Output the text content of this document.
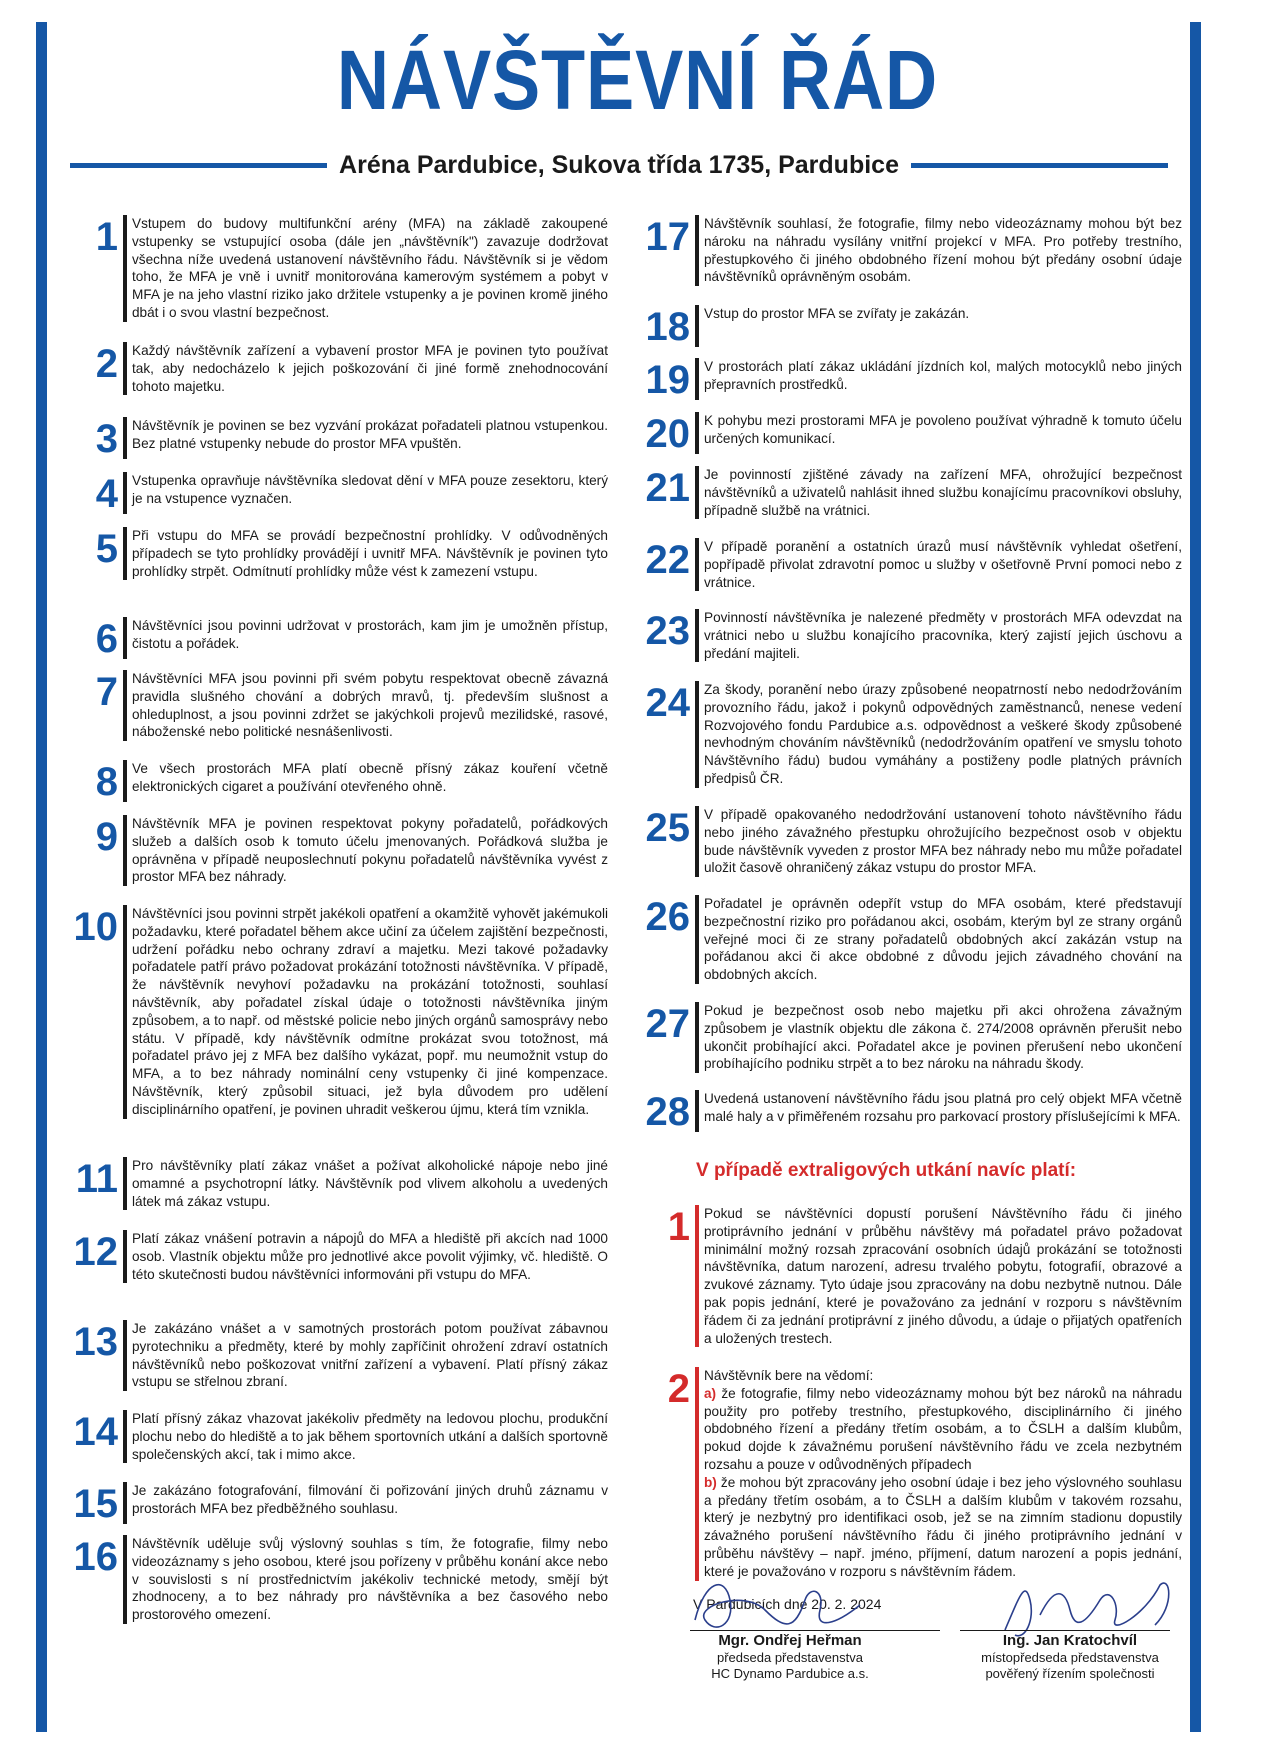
NÁVŠTĚVNÍ ŘÁD
Aréna Pardubice, Sukova třída 1735, Pardubice
1	Vstupem do budovy multifunkční arény (MFA) na základě zakoupené vstupenky se vstupující osoba (dále jen „návštěvník") zavazuje dodržovat všechna níže uvedená ustanovení návštěvního řádu. Návštěvník si je vědom toho, že MFA je vně i uvnitř monitorována kamerovým systémem a pobyt v MFA je na jeho vlastní riziko jako držitele vstupenky a je povinen kromě jiného dbát i o svou vlastní bezpečnost.
2	Každý návštěvník zařízení a vybavení prostor MFA je povinen tyto používat tak, aby nedocházelo k jejich poškozování či jiné formě znehodnocování tohoto majetku.
3	Návštěvník je povinen se bez vyzvání prokázat pořadateli platnou vstupenkou. Bez platné vstupenky nebude do prostor MFA vpuštěn.
4	Vstupenka opravňuje návštěvníka sledovat dění v MFA pouze zesektoru, který je na vstupence vyznačen.
5	Při vstupu do MFA se provádí bezpečnostní prohlídky. V odůvodněných případech se tyto prohlídky provádějí i uvnitř MFA. Návštěvník je povinen tyto prohlídky strpět. Odmítnutí prohlídky může vést k zamezení vstupu.
6	Návštěvníci jsou povinni udržovat v prostorách, kam jim je umožněn přístup, čistotu a pořádek.
7	Návštěvníci MFA jsou povinni při svém pobytu respektovat obecně závazná pravidla slušného chování a dobrých mravů, tj. především slušnost a ohleduplnost, a jsou povinni zdržet se jakýchkoli projevů mezilidské, rasové, náboženské nebo politické nesnášenlivosti.
8	Ve všech prostorách MFA platí obecně přísný zákaz kouření včetně elektronických cigaret a používání otevřeného ohně.
9	Návštěvník MFA je povinen respektovat pokyny pořadatelů, pořádkových služeb a dalších osob k tomuto účelu jmenovaných. Pořádková služba je oprávněna v případě neuposlechnutí pokynu pořadatelů návštěvníka vyvést z prostor MFA bez náhrady.
10	Návštěvníci jsou povinni strpět jakékoli opatření a okamžitě vyhovět jakémukoli požadavku, které pořadatel během akce učiní za účelem zajištění bezpečnosti, udržení pořádku nebo ochrany zdraví a majetku. Mezi takové požadavky pořadatele patří právo požadovat prokázání totožnosti návštěvníka. V případě, že návštěvník nevyhoví požadavku na prokázání totožnosti, souhlasí návštěvník, aby pořadatel získal údaje o totožnosti návštěvníka jiným způsobem, a to např. od městské policie nebo jiných orgánů samosprávy nebo státu. V případě, kdy návštěvník odmítne prokázat svou totožnost, má pořadatel právo jej z MFA bez dalšího vykázat, popř. mu neumožnit vstup do MFA, a to bez náhrady nominální ceny vstupenky či jiné kompenzace. Návštěvník, který způsobil situaci, jež byla důvodem pro udělení disciplinárního opatření, je povinen uhradit veškerou újmu, která tím vznikla.
11	Pro návštěvníky platí zákaz vnášet a požívat alkoholické nápoje nebo jiné omamné a psychotropní látky. Návštěvník pod vlivem alkoholu a uvedených látek má zákaz vstupu.
12	Platí zákaz vnášení potravin a nápojů do MFA a hlediště při akcích nad 1000 osob. Vlastník objektu může pro jednotlivé akce povolit výjimky, vč. hlediště. O této skutečnosti budou návštěvníci informováni při vstupu do MFA.
13	Je zakázáno vnášet a v samotných prostorách potom používat zábavnou pyrotechniku a předměty, které by mohly zapříčinit ohrožení zdraví ostatních návštěvníků nebo poškozovat vnitřní zařízení a vybavení. Platí přísný zákaz vstupu se střelnou zbraní.
14	Platí přísný zákaz vhazovat jakékoliv předměty na ledovou plochu, produkční plochu nebo do hlediště a to jak během sportovních utkání a dalších sportovně společenských akcí, tak i mimo akce.
15	Je zakázáno fotografování, filmování či pořizování jiných druhů záznamu v prostorách MFA bez předběžného souhlasu.
16	Návštěvník uděluje svůj výslovný souhlas s tím, že fotografie, filmy nebo videozáznamy s jeho osobou, které jsou pořízeny v průběhu konání akce nebo v souvislosti s ní prostřednictvím jakékoliv technické metody, smějí být zhodnoceny, a to bez náhrady pro návštěvníka a bez časového nebo prostorového omezení.
17	Návštěvník souhlasí, že fotografie, filmy nebo videozáznamy mohou být bez nároku na náhradu vysílány vnitřní projekcí v MFA. Pro potřeby trestního, přestupkového či jiného obdobného řízení mohou být předány osobní údaje návštěvníků oprávněným osobám.
18	Vstup do prostor MFA se zvířaty je zakázán.
19	V prostorách platí zákaz ukládání jízdních kol, malých motocyklů nebo jiných přepravních prostředků.
20	K pohybu mezi prostorami MFA je povoleno používat výhradně k tomuto účelu určených komunikací.
21	Je povinností zjištěné závady na zařízení MFA, ohrožující bezpečnost návštěvníků a uživatelů nahlásit ihned službu konajícímu pracovníkovi obsluhy, případně službě na vrátnici.
22	V případě poranění a ostatních úrazů musí návštěvník vyhledat ošetření, popřípadě přivolat zdravotní pomoc u služby v ošetřovně První pomoci nebo z vrátnice.
23	Povinností návštěvníka je nalezené předměty v prostorách MFA odevzdat na vrátnici nebo u službu konajícího pracovníka, který zajistí jejich úschovu a předání majiteli.
24	Za škody, poranění nebo úrazy způsobené neopatrností nebo nedodržováním provozního řádu, jakož i pokynů odpovědných zaměstnanců, nenese vedení Rozvojového fondu Pardubice a.s. odpovědnost a veškeré škody způsobené nevhodným chováním návštěvníků (nedodržováním opatření ve smyslu tohoto Návštěvního řádu) budou vymáhány a postiženy podle platných právních předpisů ČR.
25	V případě opakovaného nedodržování ustanovení tohoto návštěvního řádu nebo jiného závažného přestupku ohrožujícího bezpečnost osob v objektu bude návštěvník vyveden z prostor MFA bez náhrady nebo mu může pořadatel uložit časově ohraničený zákaz vstupu do prostor MFA.
26	Pořadatel je oprávněn odepřít vstup do MFA osobám, které představují bezpečnostní riziko pro pořádanou akci, osobám, kterým byl ze strany orgánů veřejné moci či ze strany pořadatelů obdobných akcí zakázán vstup na pořádanou akci či akce obdobné z důvodu jejich závadného chování na obdobných akcích.
27	Pokud je bezpečnost osob nebo majetku při akci ohrožena závažným způsobem je vlastník objektu dle zákona č. 274/2008 oprávněn přerušit nebo ukončit probíhající akci. Pořadatel akce je povinen přerušení nebo ukončení probíhajícího podniku strpět a to bez nároku na náhradu škody.
28	Uvedená ustanovení návštěvního řádu jsou platná pro celý objekt MFA včetně malé haly a v přiměřeném rozsahu pro parkovací prostory příslušejícími k MFA.
V případě extraligových utkání navíc platí:
1	Pokud se návštěvníci dopustí porušení Návštěvního řádu či jiného protiprávního jednání v průběhu návštěvy má pořadatel právo požadovat minimální možný rozsah zpracování osobních údajů prokázání se totožnosti návštěvníka, datum narození, adresu trvalého pobytu, fotografií, obrazové a zvukové záznamy. Tyto údaje jsou zpracovány na dobu nezbytně nutnou. Dále pak popis jednání, které je považováno za jednání v rozporu s návštěvním řádem či za jednání protiprávní z jiného důvodu, a údaje o přijatých opatřeních a uložených trestech.
2 Návštěvník bere na vědomí:
a) že fotografie, filmy nebo videozáznamy mohou být bez nároků na náhradu použity pro potřeby trestního, přestupkového, disciplinárního či jiného obdobného řízení a předány třetím osobám, a to ČSLH a dalším klubům, pokud dojde k závažnému porušení návštěvního řádu ve zcela nezbytném rozsahu a pouze v odůvodněných případech
b) že mohou být zpracovány jeho osobní údaje i bez jeho výslovného souhlasu a předány třetím osobám, a to ČSLH a dalším klubům v takovém rozsahu, který je nezbytný pro identifikaci osob, jež se na zimním stadionu dopustily závažného porušení návštěvního řádu či jiného protiprávního jednání v průběhu návštěvy – např. jméno, příjmení, datum narození a popis jednání, které je považováno v rozporu s návštěvním řádem.
V Pardubicích dne 20. 2. 2024
Mgr. Ondřej Heřman
předseda představenstva
HC Dynamo Pardubice a.s.
Ing. Jan Kratochvíl
místopředseda představenstva
pověřený řízením společnosti
